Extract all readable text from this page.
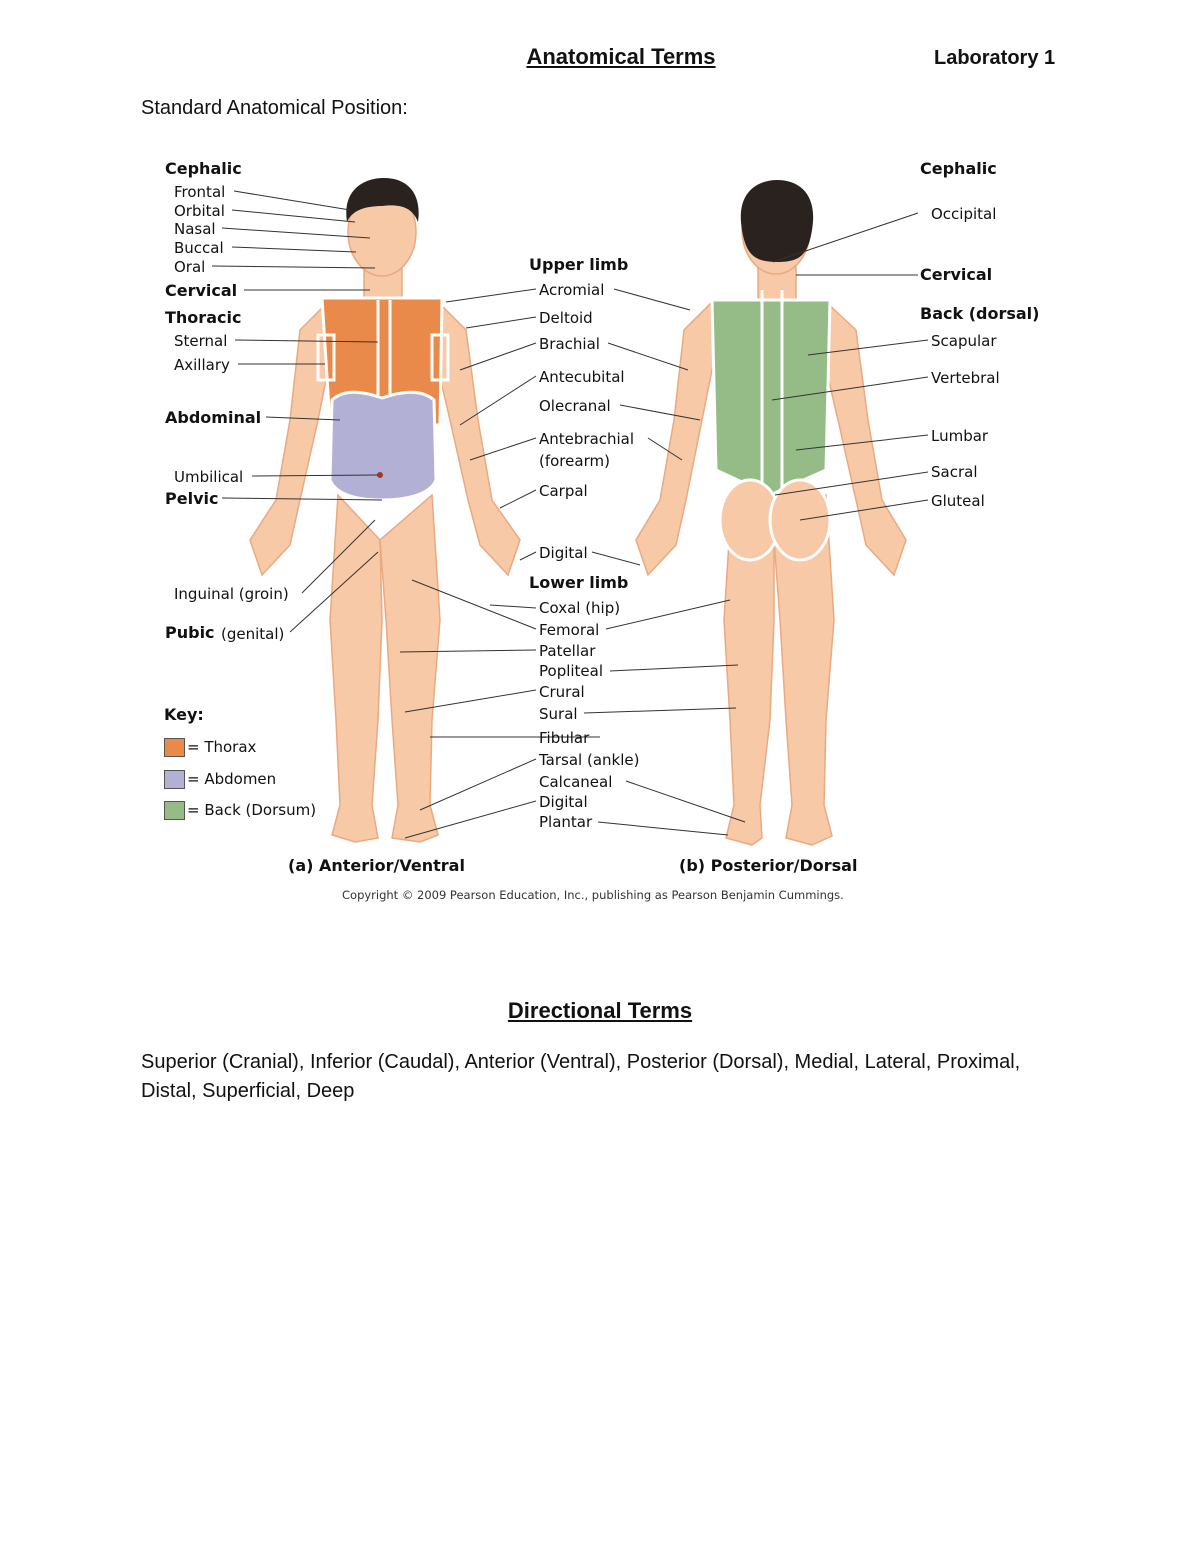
Anatomical Terms	Laboratory 1
Standard Anatomical Position:
Cephalic
Frontal
Orbital
Nasal
Buccal
Oral
Cervical
Thoracic
Sternal
Axillary
Abdominal
Umbilical
Pelvic
Inguinal (groin)
Pubic (genital)
Upper limb
Acromial
Deltoid
Brachial
Antecubital
Olecranal
Antebrachial
(forearm)
Carpal
Digital
Lower limb
Coxal (hip)
Femoral
Patellar
Popliteal
Crural
Sural
Fibular
Tarsal (ankle)
Calcaneal
Digital
Plantar
Cephalic
Occipital
Cervical
Back (dorsal)
Scapular
Vertebral
Lumbar
Sacral
Gluteal
Key:
= Thorax
= Abdomen
= Back (Dorsum)
(a) Anterior/Ventral	(b) Posterior/Dorsal
Copyright © 2009 Pearson Education, Inc., publishing as Pearson Benjamin Cummings.
Directional Terms
Superior (Cranial), Inferior (Caudal), Anterior (Ventral), Posterior (Dorsal), Medial, Lateral, Proximal, Distal, Superficial, Deep
